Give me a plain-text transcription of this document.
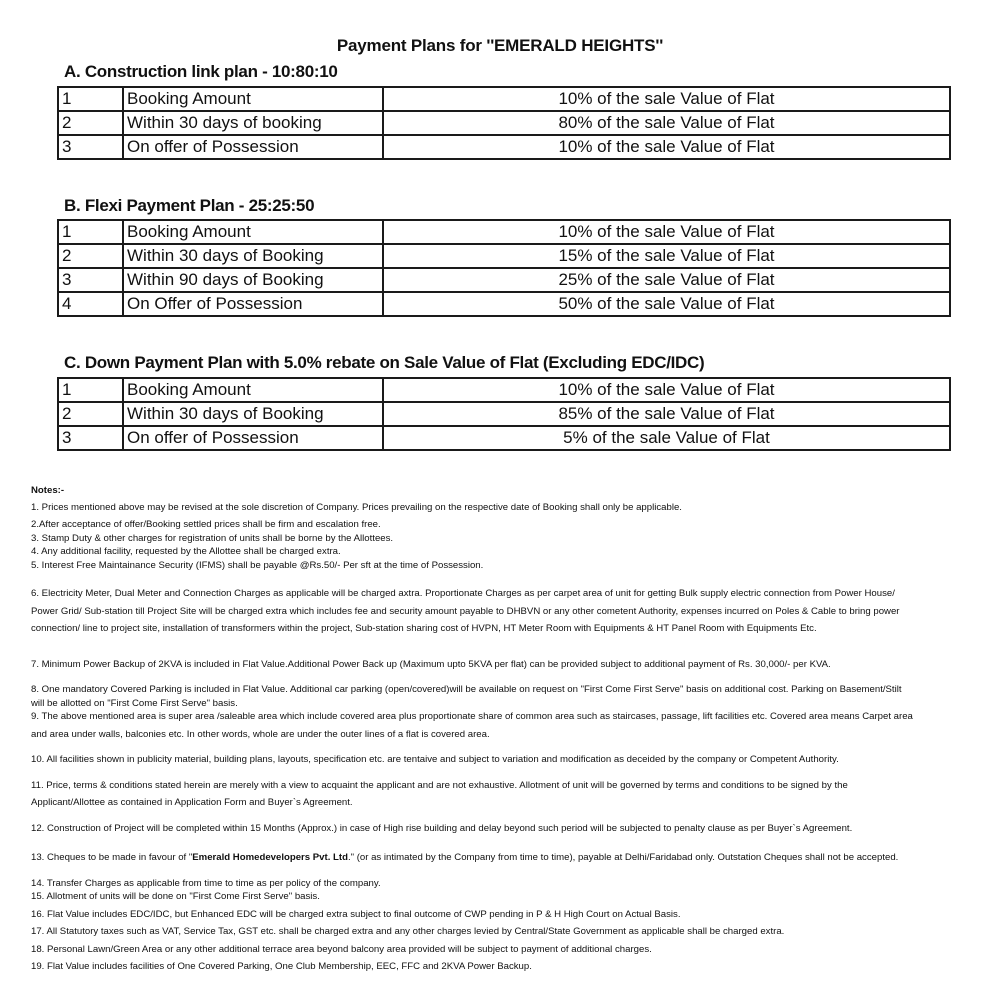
Payment Plans for ''EMERALD HEIGHTS''
A. Construction link plan - 10:80:10
1	Booking Amount	10% of the sale Value of Flat
2	Within 30 days of booking	80% of the sale Value of Flat
3	On offer of Possession	10% of the sale Value of Flat
B. Flexi Payment Plan - 25:25:50
1	Booking Amount	10% of the sale Value of Flat
2	Within 30 days of Booking	15% of the sale Value of Flat
3	Within 90 days of Booking	25% of the sale Value of Flat
4	On Offer of Possession	50% of the sale Value of Flat
C. Down Payment Plan with 5.0% rebate on Sale Value of Flat (Excluding EDC/IDC)
1	Booking Amount	10% of the sale Value of Flat
2	Within 30 days of Booking	85% of the sale Value of Flat
3	On offer of Possession	5% of the sale Value of Flat
Notes:-

1. Prices mentioned above may be revised at the sole discretion of Company. Prices prevailing on the respective date of Booking shall only be applicable.

2.After acceptance of offer/Booking settled prices shall be firm and escalation free.

3. Stamp Duty & other charges for registration of units shall be borne by the Allottees.

4. Any additional facility, requested by the Allottee shall be charged extra.

5. Interest Free Maintainance Security (IFMS) shall be payable @Rs.50/- Per sft at the time of Possession.

6. Electricity Meter, Dual Meter and Connection Charges as applicable will be charged axtra. Proportionate Charges as per carpet area of unit for getting Bulk supply electric connection from Power House/

Power Grid/ Sub-station till Project Site will be charged extra which includes fee and security amount payable to DHBVN or any other cometent Authority, expenses incurred on Poles & Cable to bring power

connection/ line to project site, installation of transformers within the project, Sub-station sharing cost of HVPN, HT Meter Room with Equipments & HT Panel Room with Equipments Etc.

7. Minimum Power Backup of 2KVA is included in Flat Value.Additional Power Back up (Maximum upto 5KVA per flat) can be provided subject to additional payment of Rs. 30,000/- per KVA.

8. One mandatory Covered Parking is included in Flat Value. Additional car parking (open/covered)will be available on request on "First Come First Serve" basis on additional cost. Parking on Basement/Stilt

will be allotted on "First Come First Serve" basis.

9. The above mentioned area is super area /saleable area which include covered area plus proportionate share of common area such as staircases, passage, lift facilities etc. Covered area means Carpet area

and area under walls, balconies etc. In other words, whole are under the outer lines of a flat is covered area.

10. All facilities shown in publicity material, building plans, layouts, specification etc. are tentaive and subject to variation and modification as deceided by the company or Competent Authority.

11. Price, terms & conditions stated herein are merely with a view to acquaint the applicant and are not exhaustive. Allotment of unit will be governed by terms and conditions to be signed by the

Applicant/Allottee as contained in Application Form and Buyer`s Agreement.

12. Construction of Project will be completed within 15 Months (Approx.) in case of High rise building and delay beyond such period will be subjected to penalty clause as per Buyer`s Agreement.

13. Cheques to be made in favour of "Emerald Homedevelopers Pvt. Ltd." (or as intimated by the Company from time to time), payable at Delhi/Faridabad only. Outstation Cheques shall not be accepted.

14. Transfer Charges as applicable from time to time as per policy of the company.

15. Allotment of units will be done on "First Come First Serve" basis.

16. Flat Value includes EDC/IDC, but Enhanced EDC will be charged extra subject to final outcome of CWP pending in P & H High Court on Actual Basis.

17. All Statutory taxes such as VAT, Service Tax, GST etc. shall be charged extra and any other charges levied by Central/State Government as applicable shall be charged extra.

18. Personal Lawn/Green Area or any other additional terrace area beyond balcony area provided will be subject to payment of additional charges.

19. Flat Value includes facilities of One Covered Parking, One Club Membership, EEC, FFC and 2KVA Power Backup.
